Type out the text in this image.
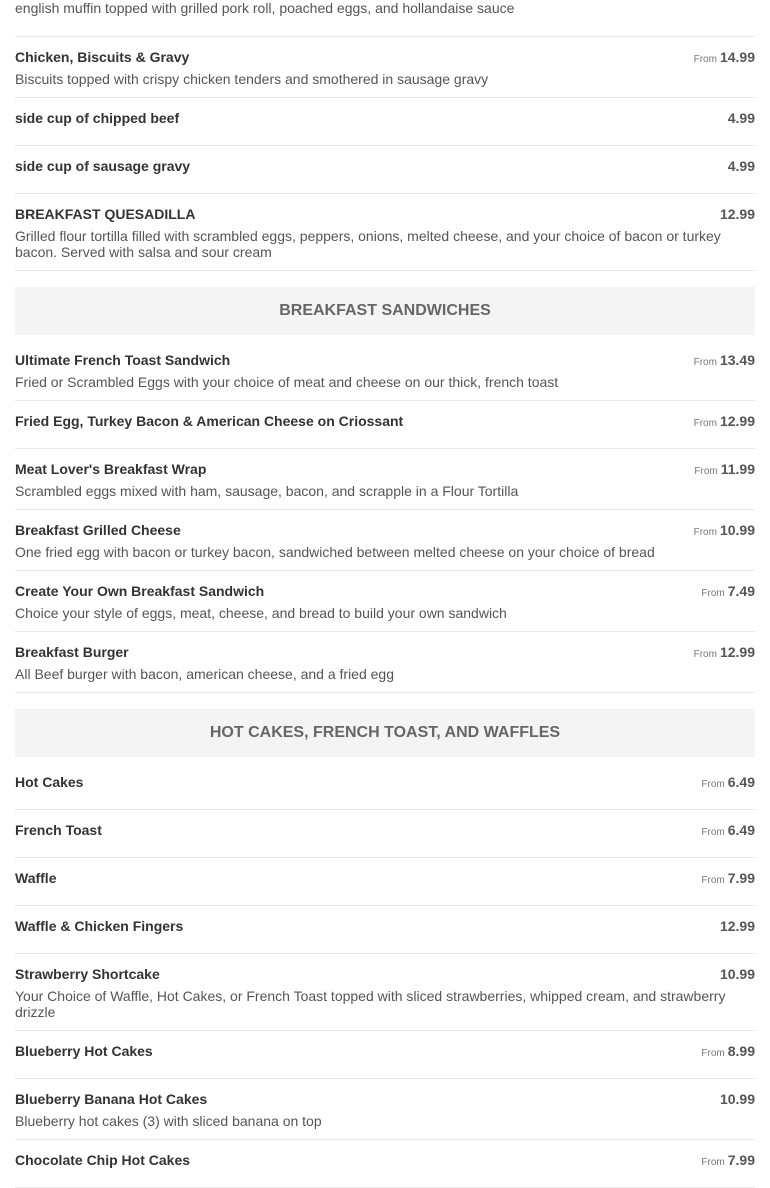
english muffin topped with grilled pork roll, poached eggs, and hollandaise sauce
Chicken, Biscuits & Gravy	From 14.99
Biscuits topped with crispy chicken tenders and smothered in sausage gravy
side cup of chipped beef	4.99
side cup of sausage gravy	4.99
BREAKFAST QUESADILLA	12.99
Grilled flour tortilla filled with scrambled eggs, peppers, onions, melted cheese, and your choice of bacon or turkey bacon. Served with salsa and sour cream
BREAKFAST SANDWICHES
Ultimate French Toast Sandwich	From 13.49
Fried or Scrambled Eggs with your choice of meat and cheese on our thick, french toast
Fried Egg, Turkey Bacon & American Cheese on Criossant	From 12.99
Meat Lover's Breakfast Wrap	From 11.99
Scrambled eggs mixed with ham, sausage, bacon, and scrapple in a Flour Tortilla
Breakfast Grilled Cheese	From 10.99
One fried egg with bacon or turkey bacon, sandwiched between melted cheese on your choice of bread
Create Your Own Breakfast Sandwich	From 7.49
Choice your style of eggs, meat, cheese, and bread to build your own sandwich
Breakfast Burger	From 12.99
All Beef burger with bacon, american cheese, and a fried egg
HOT CAKES, FRENCH TOAST, AND WAFFLES
Hot Cakes	From 6.49
French Toast	From 6.49
Waffle	From 7.99
Waffle & Chicken Fingers	12.99
Strawberry Shortcake	10.99
Your Choice of Waffle, Hot Cakes, or French Toast topped with sliced strawberries, whipped cream, and strawberry drizzle
Blueberry Hot Cakes	From 8.99
Blueberry Banana Hot Cakes	10.99
Blueberry hot cakes (3) with sliced banana on top
Chocolate Chip Hot Cakes	From 7.99
